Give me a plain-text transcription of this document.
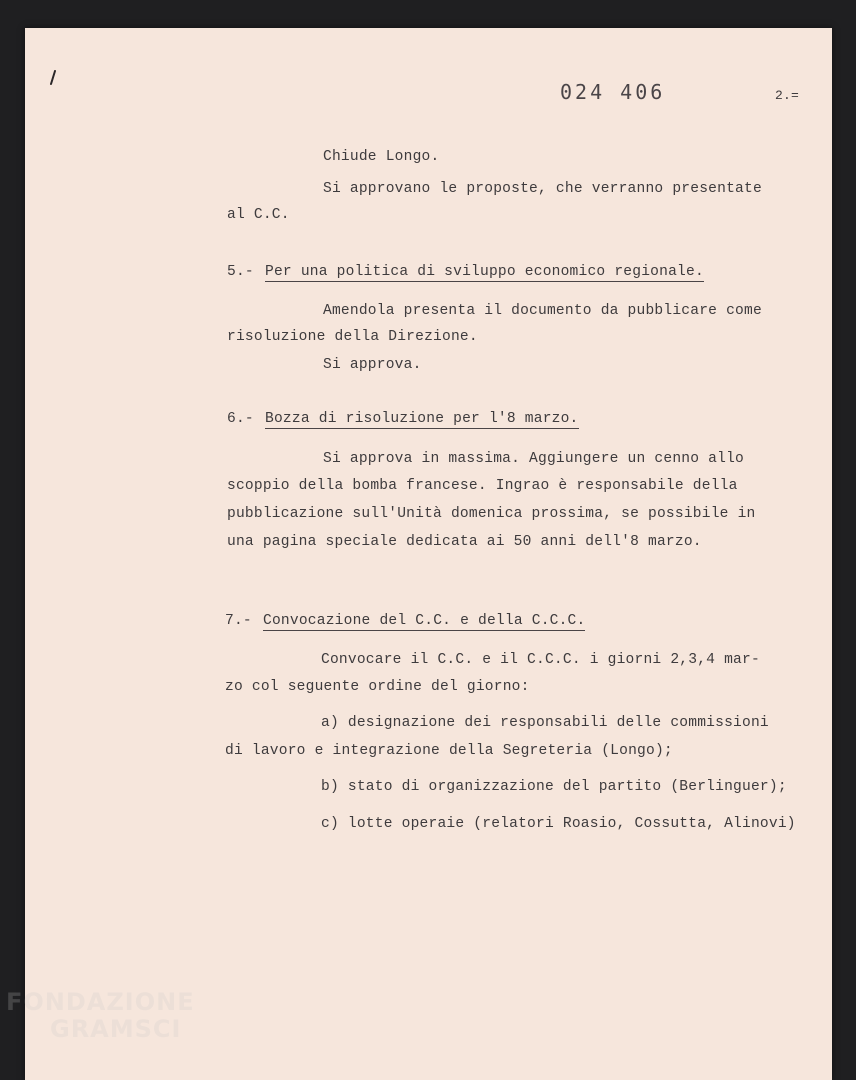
024 406	2.=
Chiude Longo.
Si approvano le proposte, che verranno presentate
al C.C.
5.- Per una politica di sviluppo economico regionale.
Amendola presenta il documento da pubblicare come
risoluzione della Direzione.
Si approva.
6.- Bozza di risoluzione per l'8 marzo.
Si approva in massima. Aggiungere un cenno allo
scoppio della bomba francese. Ingrao è responsabile della
pubblicazione sull'Unità domenica prossima, se possibile in
una pagina speciale dedicata ai 50 anni dell'8 marzo.
7.- Convocazione del C.C. e della C.C.C.
Convocare il C.C. e il C.C.C. i giorni 2,3,4 mar-
zo col seguente ordine del giorno:
a) designazione dei responsabili delle commissioni
di lavoro e integrazione della Segreteria (Longo);
b) stato di organizzazione del partito (Berlinguer);
c) lotte operaie (relatori Roasio, Cossutta, Alinovi)
FONDAZIONE
GRAMSCI
